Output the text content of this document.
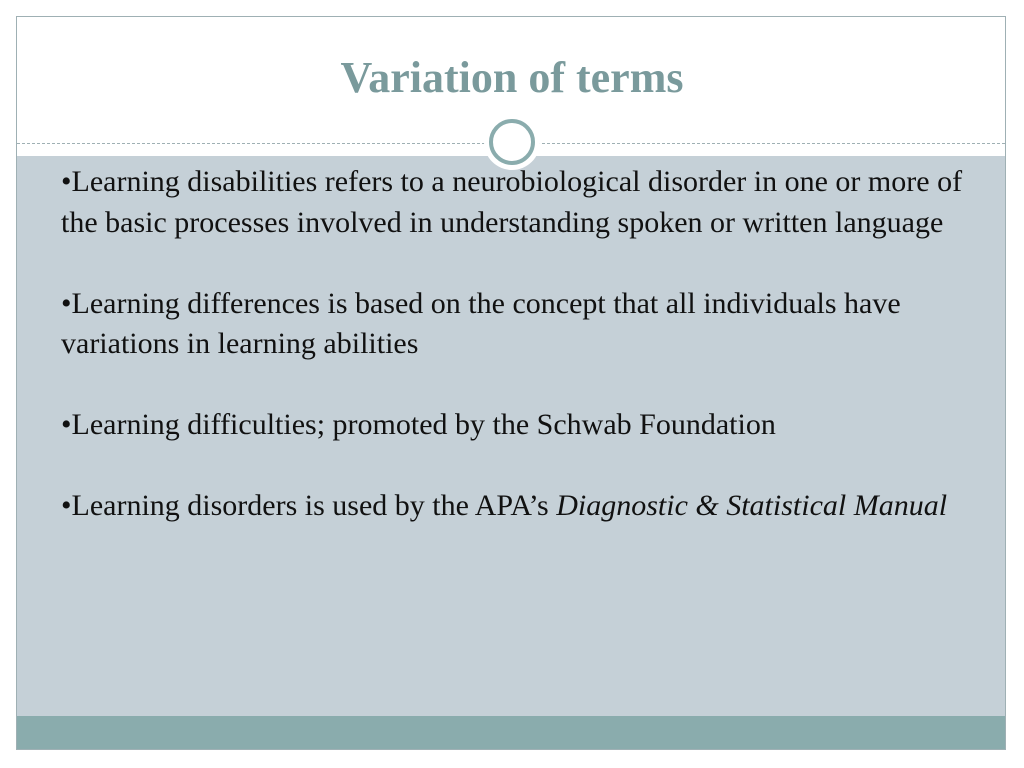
Variation of terms

•Learning disabilities refers to a neurobiological disorder in one or more of the basic processes involved in understanding spoken or written language

•Learning differences is based on the concept that all individuals have variations in learning abilities

•Learning difficulties; promoted by the Schwab Foundation

•Learning disorders is used by the APA’s Diagnostic & Statistical Manual
